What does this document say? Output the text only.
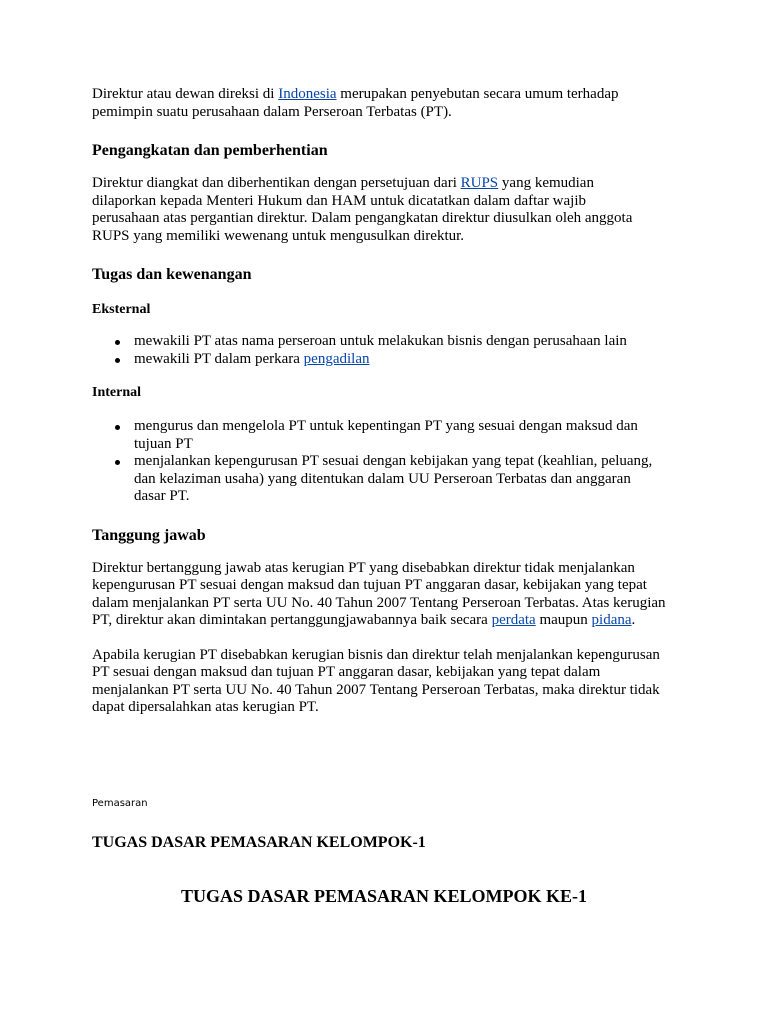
Direktur atau dewan direksi di Indonesia merupakan penyebutan secara umum terhadap pemimpin suatu perusahaan dalam Perseroan Terbatas (PT).

Pengangkatan dan pemberhentian

Direktur diangkat dan diberhentikan dengan persetujuan dari RUPS yang kemudian dilaporkan kepada Menteri Hukum dan HAM untuk dicatatkan dalam daftar wajib perusahaan atas pergantian direktur. Dalam pengangkatan direktur diusulkan oleh anggota RUPS yang memiliki wewenang untuk mengusulkan direktur.

Tugas dan kewenangan
Eksternal
mewakili PT atas nama perseroan untuk melakukan bisnis dengan perusahaan lain
mewakili PT dalam perkara pengadilan
Internal
mengurus dan mengelola PT untuk kepentingan PT yang sesuai dengan maksud dan tujuan PT
menjalankan kepengurusan PT sesuai dengan kebijakan yang tepat (keahlian, peluang, dan kelaziman usaha) yang ditentukan dalam UU Perseroan Terbatas dan anggaran dasar PT.
Tanggung jawab

Direktur bertanggung jawab atas kerugian PT yang disebabkan direktur tidak menjalankan kepengurusan PT sesuai dengan maksud dan tujuan PT anggaran dasar, kebijakan yang tepat dalam menjalankan PT serta UU No. 40 Tahun 2007 Tentang Perseroan Terbatas. Atas kerugian PT, direktur akan dimintakan pertanggungjawabannya baik secara perdata maupun pidana.

Apabila kerugian PT disebabkan kerugian bisnis dan direktur telah menjalankan kepengurusan PT sesuai dengan maksud dan tujuan PT anggaran dasar, kebijakan yang tepat dalam menjalankan PT serta UU No. 40 Tahun 2007 Tentang Perseroan Terbatas, maka direktur tidak dapat dipersalahkan atas kerugian PT.

Pemasaran
TUGAS DASAR PEMASARAN KELOMPOK-1
TUGAS DASAR PEMASARAN KELOMPOK KE-1
